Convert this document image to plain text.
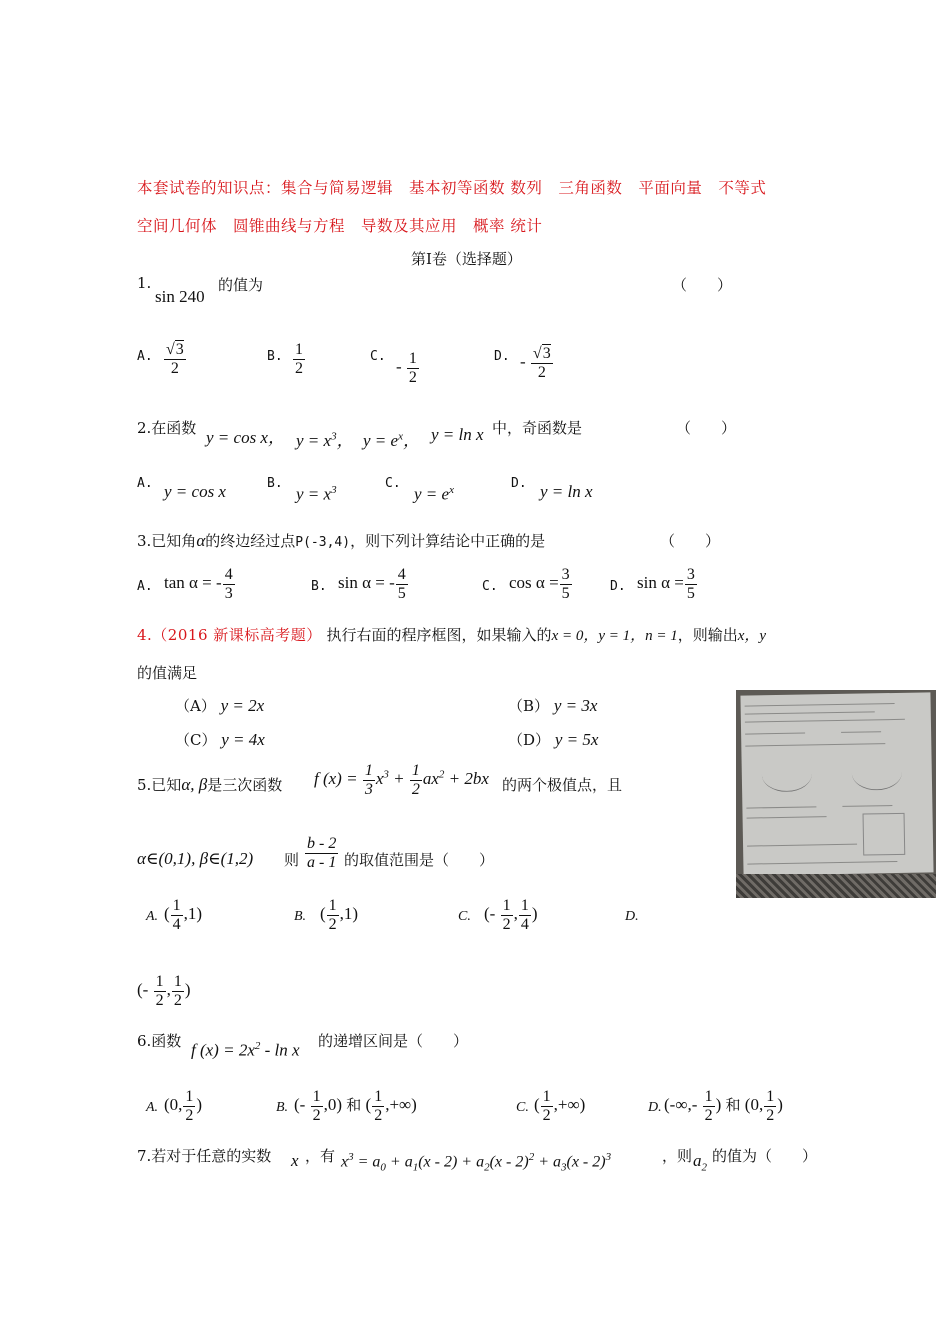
本套试卷的知识点：集合与简易逻辑　基本初等函数 数列　三角函数　平面向量　不等式
空间几何体　圆锥曲线与方程　导数及其应用　概率 统计
第Ⅰ卷（选择题）
1.
sin 240
的值为	（　　）
A. $\frac{√3}{2}$	B. $\frac{1}{2}$	C.
- $\frac{1}{2}$	D. - $\frac{√3}{2}$
2.在函数 y = cos x， $y = x^3$， $y = e^x$， y = ln x 中，奇函数是	（　　）
A. y = cos x	B.
$y = x^3$	C.
$y = e^x$	D. y = ln x
3.已知角α的终边经过点P(-3,4)，则下列计算结论中正确的是	（　　）
A. tan α = - $\frac{4}{3}$	B. sin α = - $\frac{4}{5}$	C. $\cos \alpha = \frac{3}{5}$	D. $\sin \alpha = \frac{3}{5}$
4.（2016 新课标高考题） 执行右面的程序框图，如果输入的x = 0，y = 1，n = 1，则输出x，y
的值满足
（A） y = 2x	（B） y = 3x
（C） y = 4x	（D） y = 5x
5.已知α, β是三次函数 f $(x) = \frac{1}{3} x^3 + \frac{1}{2} ax^2 + 2bx$ 的两个极值点，且
α∈(0,1), β∈(1,2) 则 $\frac{b - 2}{a - 1}$ 的取值范围是（　　）
A. ( $\frac{1}{4} ,1$)	B. ( $\frac{1}{2} ,1$)	C. (- $\frac{1}{2}$ , $\frac{1}{4}$ )	D.
(- $\frac{1}{2}$ , $\frac{1}{2}$ )
6.函数 f $(x) = 2x^2 - \ln x$ 的递增区间是（　　）
A. (0, $\frac{1}{2}$ )	B. (- $\frac{1}{2} ,0$) 和 ( $\frac{1}{2}$ ,+∞)	C. ( $\frac{1}{2}$ ,+∞)	D. (-∞,- $\frac{1}{2}$ ) 和 (0, $\frac{1}{2}$ )
7.若对于任意的实数 x ，有 $x^3 = a_0 + a_1(x - 2) + a_2(x - 2)^2 + a_3(x - 2)^3$	，则 $a_2$
的值为（　　）
